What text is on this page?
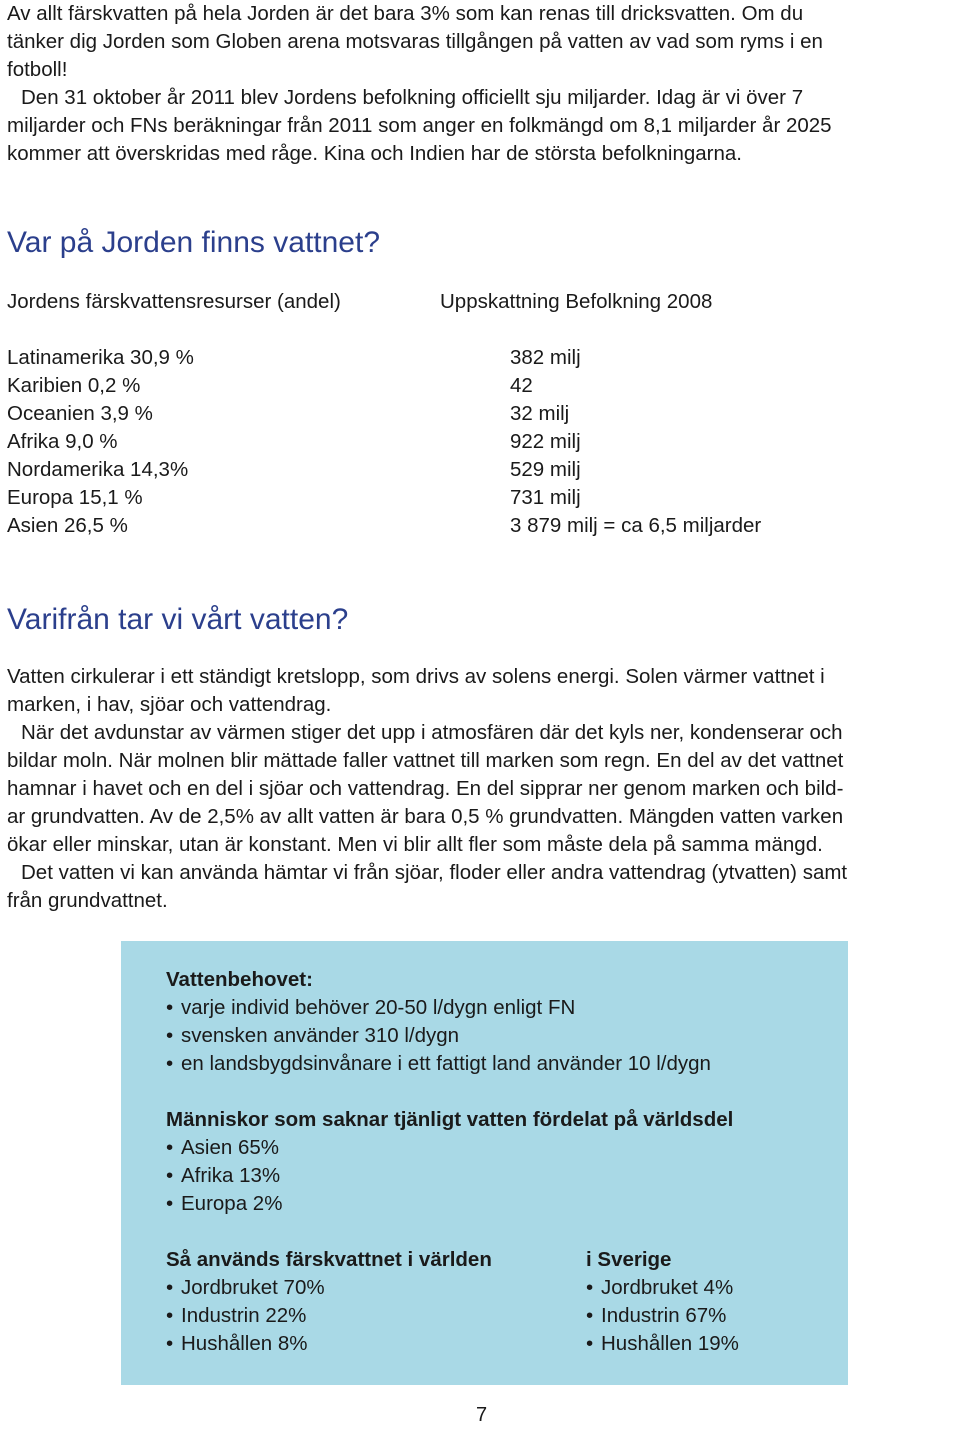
Av allt färskvatten på hela Jorden är det bara 3% som kan renas till dricksvatten. Om du

tänker dig Jorden som Globen arena motsvaras tillgången på vatten av vad som ryms i en

fotboll!

Den 31 oktober år 2011 blev Jordens befolkning officiellt sju miljarder. Idag är vi över 7

miljarder och FNs beräkningar från 2011 som anger en folkmängd om 8,1 miljarder år 2025

kommer att överskridas med råge. Kina och Indien har de största befolkningarna.

Var på Jorden finns vattnet?
Jordens färskvattensresurser (andel)	Uppskattning Befolkning 2008
Latinamerika 30,9 %	382 milj
Karibien 0,2 %	42
Oceanien 3,9 %	32 milj
Afrika 9,0 %	922 milj
Nordamerika 14,3%	529 milj
Europa 15,1 %	731 milj
Asien 26,5 %	3 879 milj = ca 6,5 miljarder
Varifrån tar vi vårt vatten?

Vatten cirkulerar i ett ständigt kretslopp, som drivs av solens energi. Solen värmer vattnet i

marken, i hav, sjöar och vattendrag.

När det avdunstar av värmen stiger det upp i atmosfären där det kyls ner, kondenserar och

bildar moln. När molnen blir mättade faller vattnet till marken som regn. En del av det vattnet

hamnar i havet och en del i sjöar och vattendrag. En del sipprar ner genom marken och bild-

ar grundvatten. Av de 2,5% av allt vatten är bara 0,5 % grundvatten. Mängden vatten varken

ökar eller minskar, utan är konstant. Men vi blir allt fler som måste dela på samma mängd.

Det vatten vi kan använda hämtar vi från sjöar, floder eller andra vattendrag (ytvatten) samt

från grundvattnet.

Vattenbehovet:
• varje individ behöver 20-50 l/dygn enligt FN
• svensken använder 310 l/dygn
• en landsbygdsinvånare i ett fattigt land använder 10 l/dygn
Människor som saknar tjänligt vatten fördelat på världsdel
• Asien 65%
• Afrika 13%
• Europa 2%
Så används färskvattnet i världen
• Jordbruket 70%
• Industrin 22%
• Hushållen 8%
i Sverige
• Jordbruket 4%
• Industrin 67%
• Hushållen 19%
7
